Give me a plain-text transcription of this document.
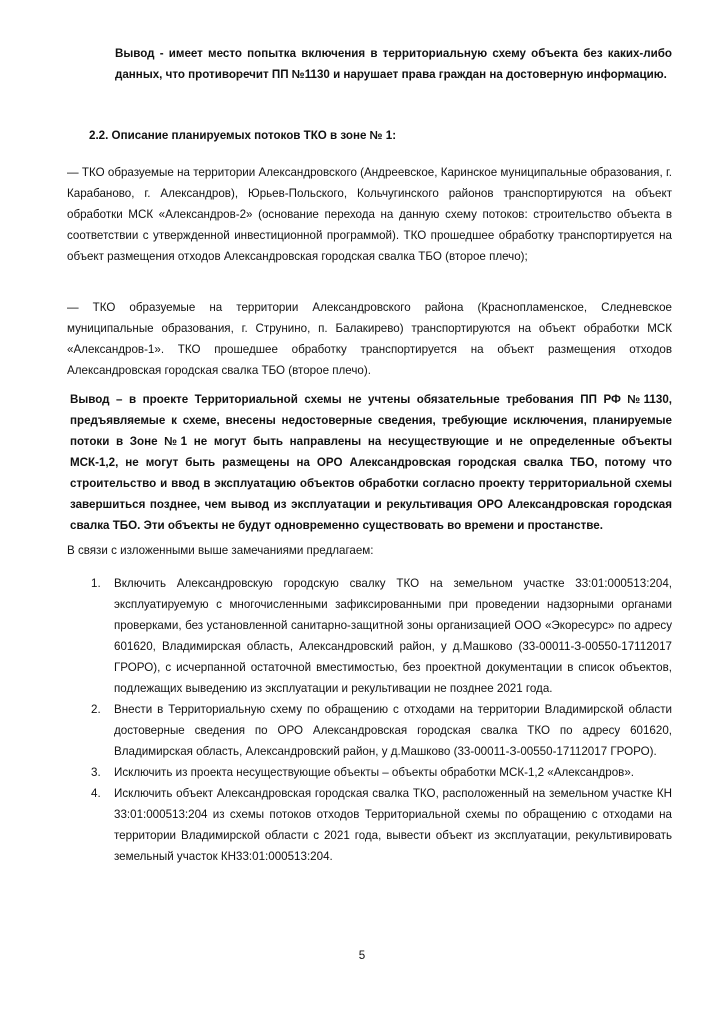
Вывод - имеет место попытка включения в территориальную схему объекта без каких-либо данных, что противоречит ПП №1130 и нарушает права граждан на достоверную информацию.

2.2. Описание планируемых потоков ТКО в зоне № 1:

— ТКО образуемые на территории Александровского (Андреевское, Каринское муниципальные образования, г. Карабаново, г. Александров), Юрьев-Польского, Кольчугинского районов транспортируются на объект обработки МСК «Александров-2» (основание перехода на данную схему потоков: строительство объекта в соответствии с утвержденной инвестиционной программой). ТКО прошедшее обработку транспортируется на объект размещения отходов Александровская городская свалка ТБО (второе плечо);

— ТКО образуемые на территории Александровского района (Краснопламенское, Следневское муниципальные образования, г. Струнино, п. Балакирево) транспортируются на объект обработки МСК «Александров-1». ТКО прошедшее обработку транспортируется на объект размещения отходов Александровская городская свалка ТБО (второе плечо).

Вывод – в проекте Территориальной схемы не учтены обязательные требования ПП РФ №1130, предъявляемые к схеме, внесены недостоверные сведения, требующие исключения, планируемые потоки в Зоне №1 не могут быть направлены на несуществующие и не определенные объекты МСК-1,2, не могут быть размещены на ОРО Александровская городская свалка ТБО, потому что строительство и ввод в эксплуатацию объектов обработки согласно проекту территориальной схемы завершиться позднее, чем вывод из эксплуатации и рекультивация ОРО Александровская городская свалка ТБО. Эти объекты не будут одновременно существовать во времени и простанстве.

В связи с изложенными выше замечаниями предлагаем:

1. Включить Александровскую городскую свалку ТКО на земельном участке 33:01:000513:204, эксплуатируемую с многочисленными зафиксированными при проведении надзорными органами проверками, без установленной санитарно-защитной зоны организацией ООО «Экоресурс» по адресу 601620, Владимирская область, Александровский район, у д.Машково (33-00011-З-00550-17112017 ГРОРО), с исчерпанной остаточной вместимостью, без проектной документации в список объектов, подлежащих выведению из эксплуатации и рекультивации не позднее 2021 года.
2. Внести в Территориальную схему по обращению с отходами на территории Владимирской области достоверные сведения по ОРО Александровская городская свалка ТКО по адресу 601620, Владимирская область, Александровский район, у д.Машково (33-00011-З-00550-17112017 ГРОРО).
3. Исключить из проекта несуществующие объекты – объекты обработки МСК-1,2 «Александров».
4. Исключить объект Александровская городская свалка ТКО, расположенный на земельном участке КН 33:01:000513:204 из схемы потоков отходов Территориальной схемы по обращению с отходами на территории Владимирской области с 2021 года, вывести объект из эксплуатации, рекультивировать земельный участок КН33:01:000513:204.
5
